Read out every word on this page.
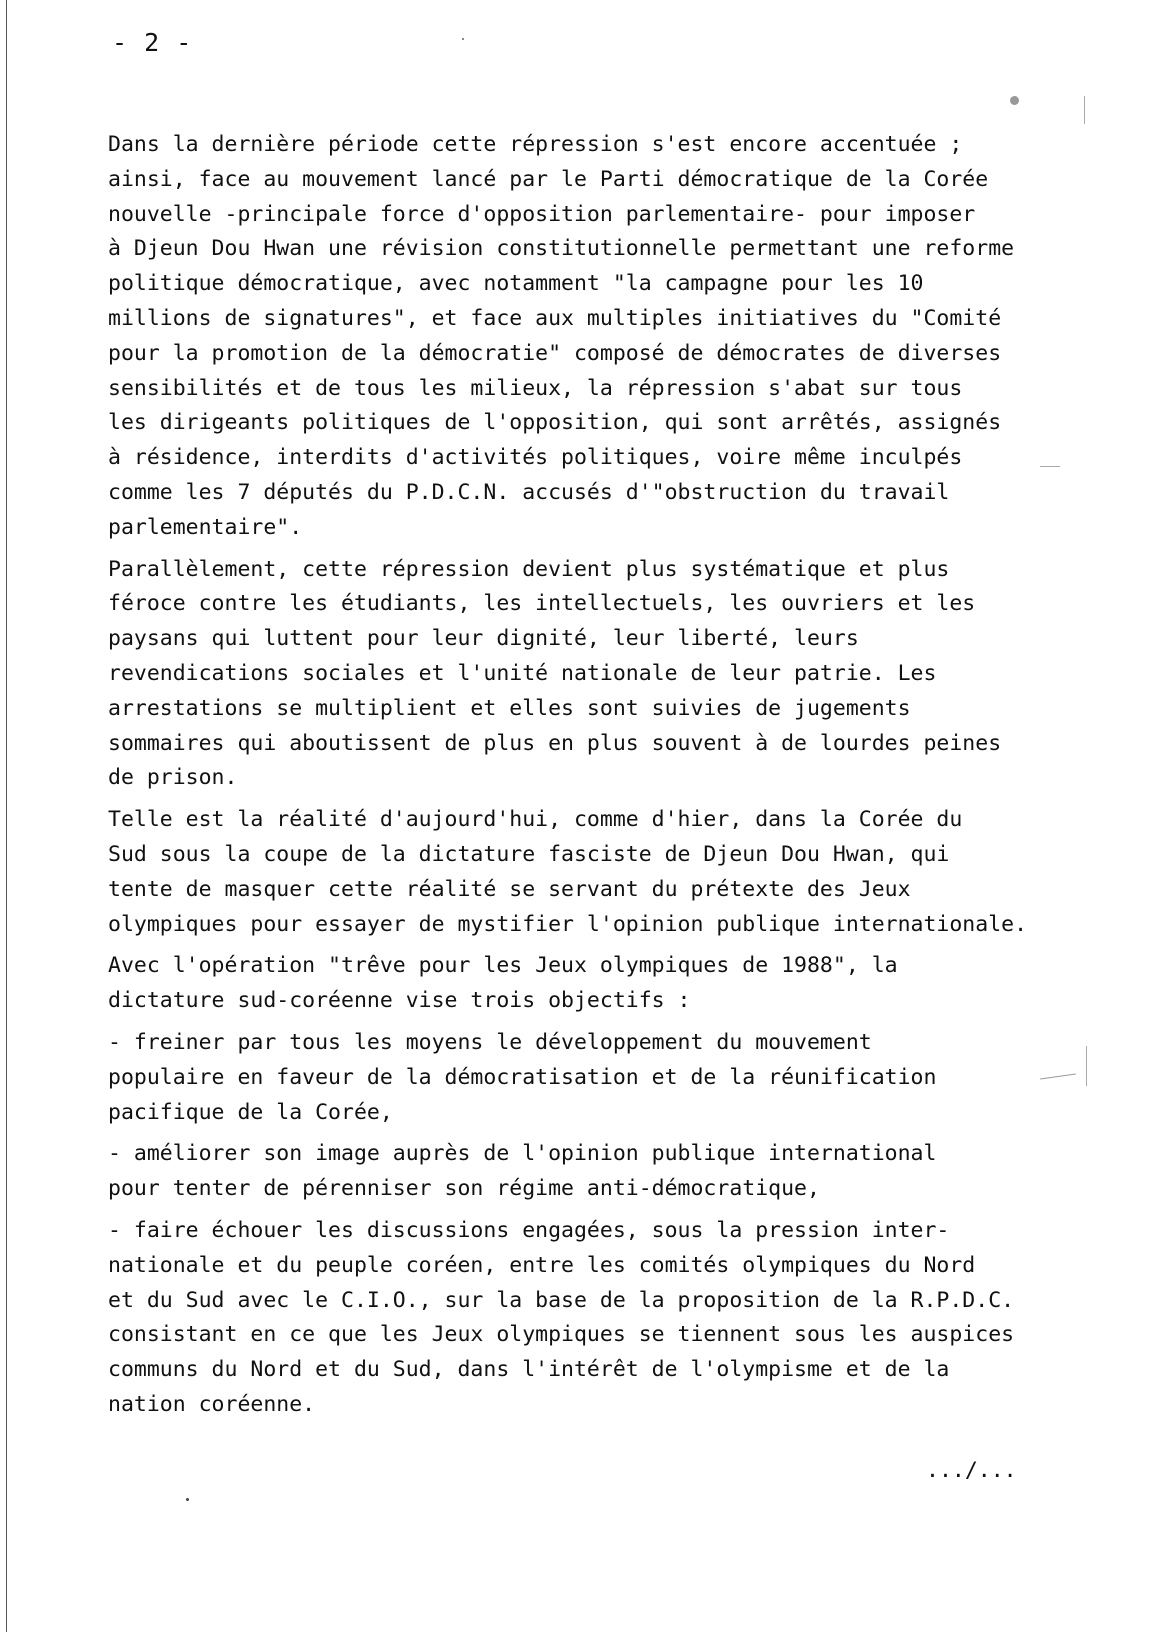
- 2 -

Dans la dernière période cette répression s'est encore accentuée ;
ainsi, face au mouvement lancé par le Parti démocratique de la Corée
nouvelle -principale force d'opposition parlementaire- pour imposer
à Djeun Dou Hwan une révision constitutionnelle permettant une reforme
politique démocratique, avec notamment "la campagne pour les 10
millions de signatures", et face aux multiples initiatives du "Comité
pour la promotion de la démocratie" composé de démocrates de diverses
sensibilités et de tous les milieux, la répression s'abat sur tous
les dirigeants politiques de l'opposition, qui sont arrêtés, assignés
à résidence, interdits d'activités politiques, voire même inculpés
comme les 7 députés du P.D.C.N. accusés d'"obstruction du travail
parlementaire".
Parallèlement, cette répression devient plus systématique et plus
féroce contre les étudiants, les intellectuels, les ouvriers et les
paysans qui luttent pour leur dignité, leur liberté, leurs
revendications sociales et l'unité nationale de leur patrie. Les
arrestations se multiplient et elles sont suivies de jugements
sommaires qui aboutissent de plus en plus souvent à de lourdes peines
de prison.
Telle est la réalité d'aujourd'hui, comme d'hier, dans la Corée du
Sud sous la coupe de la dictature fasciste de Djeun Dou Hwan, qui
tente de masquer cette réalité se servant du prétexte des Jeux
olympiques pour essayer de mystifier l'opinion publique internationale.
Avec l'opération "trêve pour les Jeux olympiques de 1988", la
dictature sud-coréenne vise trois objectifs :
- freiner par tous les moyens le développement du mouvement
populaire en faveur de la démocratisation et de la réunification
pacifique de la Corée,
- améliorer son image auprès de l'opinion publique international
pour tenter de pérenniser son régime anti-démocratique,
- faire échouer les discussions engagées, sous la pression inter-
nationale et du peuple coréen, entre les comités olympiques du Nord
et du Sud avec le C.I.O., sur la base de la proposition de la R.P.D.C.
consistant en ce que les Jeux olympiques se tiennent sous les auspices
communs du Nord et du Sud, dans l'intérêt de l'olympisme et de la
nation coréenne.

.../...
